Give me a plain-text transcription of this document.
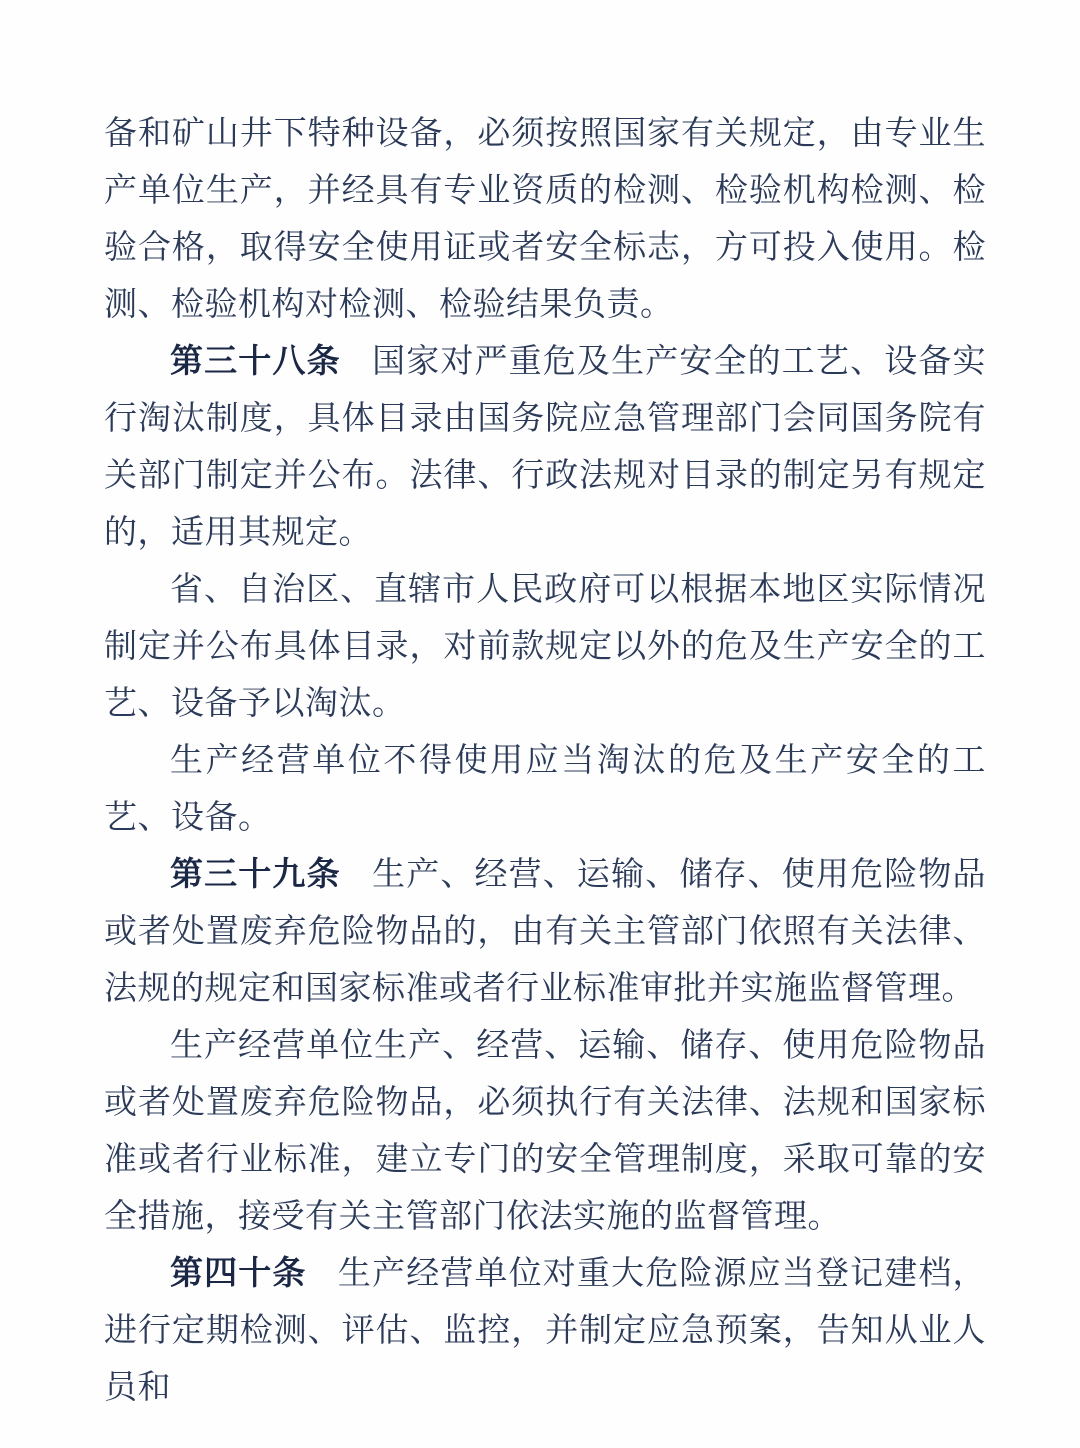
备和矿山井下特种设备，必须按照国家有关规定，由专业生产单位生产，并经具有专业资质的检测、检验机构检测、检验合格，取得安全使用证或者安全标志，方可投入使用。检测、检验机构对检测、检验结果负责。

第三十八条 国家对严重危及生产安全的工艺、设备实行淘汰制度，具体目录由国务院应急管理部门会同国务院有关部门制定并公布。法律、行政法规对目录的制定另有规定的，适用其规定。

省、自治区、直辖市人民政府可以根据本地区实际情况制定并公布具体目录，对前款规定以外的危及生产安全的工艺、设备予以淘汰。

生产经营单位不得使用应当淘汰的危及生产安全的工艺、设备。

第三十九条 生产、经营、运输、储存、使用危险物品或者处置废弃危险物品的，由有关主管部门依照有关法律、法规的规定和国家标准或者行业标准审批并实施监督管理。

生产经营单位生产、经营、运输、储存、使用危险物品或者处置废弃危险物品，必须执行有关法律、法规和国家标准或者行业标准，建立专门的安全管理制度，采取可靠的安全措施，接受有关主管部门依法实施的监督管理。

第四十条 生产经营单位对重大危险源应当登记建档，进行定期检测、评估、监控，并制定应急预案，告知从业人员和
